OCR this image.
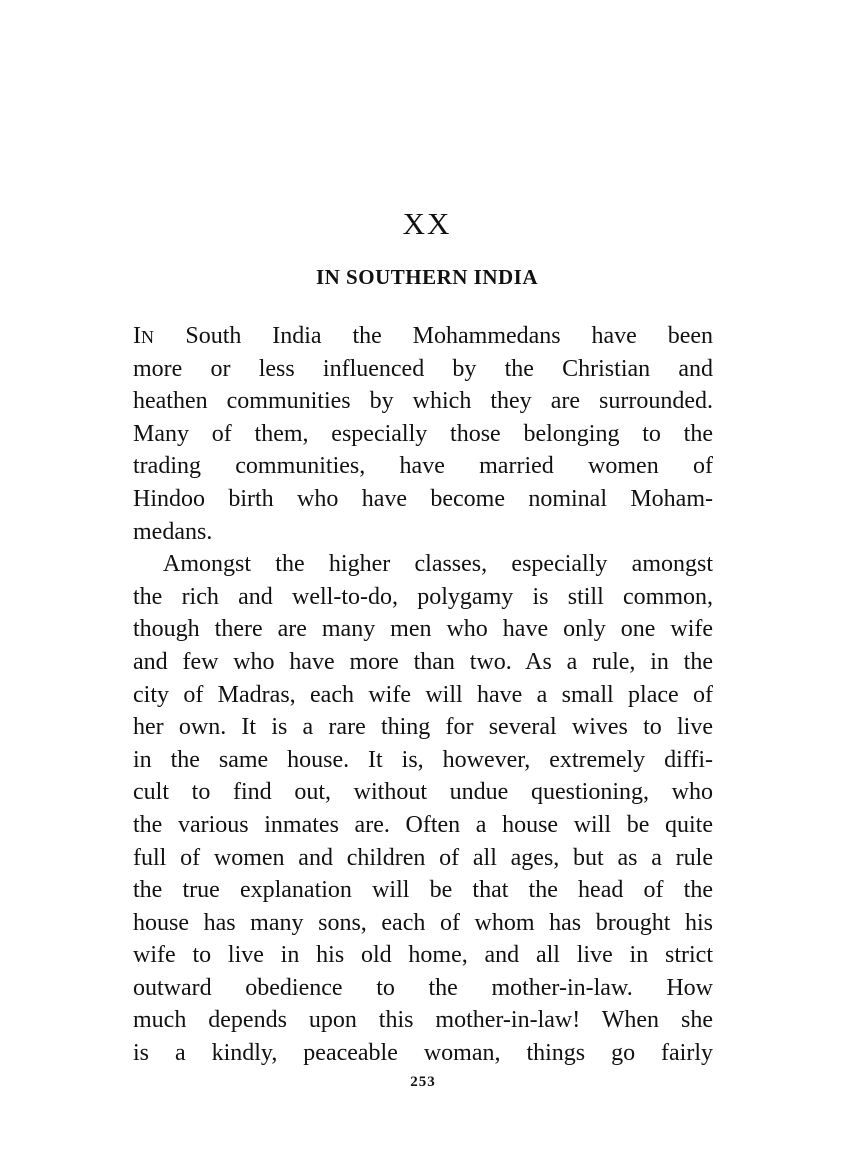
XX
IN SOUTHERN INDIA
IN South India the Mohammedans have been
more or less influenced by the Christian and
heathen communities by which they are surrounded.
Many of them, especially those belonging to the
trading communities, have married women of
Hindoo birth who have become nominal Moham-
medans.
Amongst the higher classes, especially amongst
the rich and well-to-do, polygamy is still common,
though there are many men who have only one wife
and few who have more than two. As a rule, in the
city of Madras, each wife will have a small place of
her own. It is a rare thing for several wives to live
in the same house. It is, however, extremely diffi-
cult to find out, without undue questioning, who
the various inmates are. Often a house will be quite
full of women and children of all ages, but as a rule
the true explanation will be that the head of the
house has many sons, each of whom has brought his
wife to live in his old home, and all live in strict
outward obedience to the mother-in-law. How
much depends upon this mother-in-law! When she
is a kindly, peaceable woman, things go fairly
253
